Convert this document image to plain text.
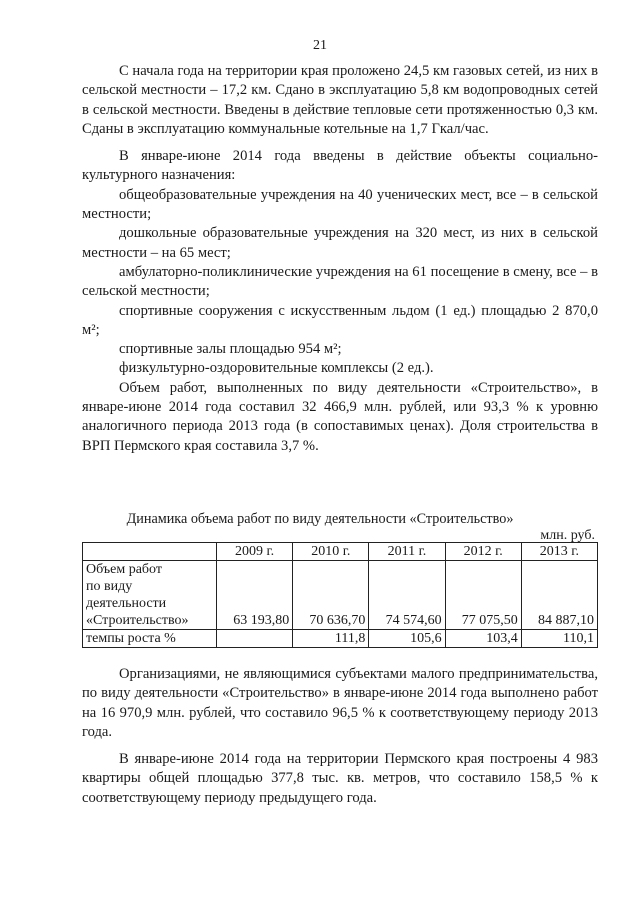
21

С начала года на территории края проложено 24,5 км газовых сетей, из них в сельской местности – 17,2 км. Сдано в эксплуатацию 5,8 км водопроводных сетей в сельской местности. Введены в действие тепловые сети протяженностью 0,3 км. Сданы в эксплуатацию коммунальные котельные на 1,7 Гкал/час.

В январе-июне 2014 года введены в действие объекты социально-культурного назначения:

общеобразовательные учреждения на 40 ученических мест, все – в сельской местности;

дошкольные образовательные учреждения на 320 мест, из них в сельской местности – на 65 мест;

амбулаторно-поликлинические учреждения на 61 посещение в смену, все – в сельской местности;

спортивные сооружения с искусственным льдом (1 ед.) площадью 2 870,0 м²;

спортивные залы площадью 954 м²;

физкультурно-оздоровительные комплексы (2 ед.).

Объем работ, выполненных по виду деятельности «Строительство», в январе-июне 2014 года составил 32 466,9 млн. рублей, или 93,3 % к уровню аналогичного периода 2013 года (в сопоставимых ценах). Доля строительства в ВРП Пермского края составила 3,7 %.

Динамика объема работ по виду деятельности «Строительство»
млн. руб.
	2009 г.	2010 г.	2011 г.	2012 г.	2013 г.

Объем работ
по виду
деятельности
«Строительство»	63 193,80	70 636,70	74 574,60	77 075,50	84 887,10
темпы роста %		111,8	105,6	103,4	110,1

Организациями, не являющимися субъектами малого предпринимательства, по виду деятельности «Строительство» в январе-июне 2014 года выполнено работ на 16 970,9 млн. рублей, что составило 96,5 % к соответствующему периоду 2013 года.

В январе-июне 2014 года на территории Пермского края построены 4 983 квартиры общей площадью 377,8 тыс. кв. метров, что составило 158,5 % к соответствующему периоду предыдущего года.
